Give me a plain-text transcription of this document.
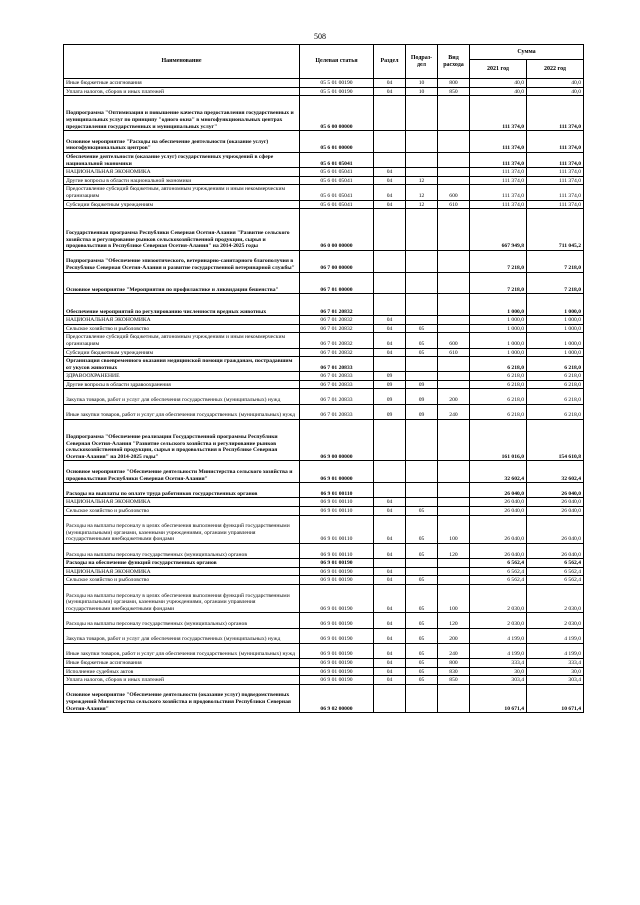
508
Наименование	Целевая статья	Раздел	Подраз-дел	Вид расхода	Сумма	
					2021 год	2022 год
Иные бюджетные ассигнования	05 5 01 00190	04	10	800	40,0	40,0
Уплата налогов, сборов и иных платежей	05 5 01 00190	04	10	850	40,0	40,0
Подпрограмма "Оптимизация и повышение качества предоставления государственных и муниципальных услуг по принципу "одного окна" в многофункциональных центрах предоставления государственных и муниципальных услуг"	05 6 00 00000				111 374,0	111 374,0
Основное мероприятие "Расходы на обеспечение деятельности (оказание услуг) многофункциональных центров"	05 6 01 00000				111 374,0	111 374,0
Обеспечение деятельности (оказание услуг) государственных учреждений в сфере национальной экономики	05 6 01 05041				111 374,0	111 374,0
НАЦИОНАЛЬНАЯ ЭКОНОМИКА	05 6 01 05041	04			111 374,0	111 374,0
Другие вопросы в области национальной экономики	05 6 01 05041	04	12		111 374,0	111 374,0
Предоставление субсидий бюджетным, автономным учреждениям и иным некоммерческим организациям	05 6 01 05041	04	12	600	111 374,0	111 374,0
Субсидии бюджетным учреждениям	05 6 01 05041	04	12	610	111 374,0	111 374,0
Государственная программа Республики Северная Осетия-Алания "Развитие сельского хозяйства и регулирование рынков сельскохозяйственной продукции, сырья и продовольствия в Республике Северная Осетия-Алания" на 2014-2025 годы	06 0 00 00000				667 949,8	711 045,2
Подпрограмма "Обеспечение эпизоотического, ветеринарно-санитарного благополучия в Республике Северная Осетия-Алания и развитие государственной ветеринарной службы"	06 7 00 00000				7 218,0	7 218,0
Основное мероприятие "Мероприятия по профилактике и ликвидации бешенства"	06 7 01 00000				7 218,0	7 218,0
Обеспечение мероприятий по регулированию численности вредных животных	06 7 01 20832				1 000,0	1 000,0
НАЦИОНАЛЬНАЯ ЭКОНОМИКА	06 7 01 20832	04			1 000,0	1 000,0
Сельское хозяйство и рыболовство	06 7 01 20832	04	05		1 000,0	1 000,0
Предоставление субсидий бюджетным, автономным учреждениям и иным некоммерческим организациям	06 7 01 20832	04	05	600	1 000,0	1 000,0
Субсидии бюджетным учреждениям	06 7 01 20832	04	05	610	1 000,0	1 000,0
Организация своевременного оказания медицинской помощи гражданам, пострадавшим от укусов животных	06 7 01 20833				6 218,0	6 218,0
ЗДРАВООХРАНЕНИЕ	06 7 01 20833	09			6 218,0	6 218,0
Другие вопросы в области здравоохранения	06 7 01 20833	09	09		6 218,0	6 218,0
Закупка товаров, работ и услуг для обеспечения государственных (муниципальных) нужд	06 7 01 20833	09	09	200	6 218,0	6 218,0
Иные закупки товаров, работ и услуг для обеспечения государственных (муниципальных) нужд	06 7 01 20833	09	09	240	6 218,0	6 218,0
Подпрограмма "Обеспечение реализации Государственной программы Республики Северная Осетия-Алания "Развитие сельского хозяйства и регулирование рынков сельскохозяйственной продукции, сырья и продовольствия в Республике Северная Осетия-Алания" на 2014-2025 годы"	06 9 00 00000				161 016,0	154 610,8
Основное мероприятие "Обеспечение деятельности Министерства сельского хозяйства и продовольствия Республики Северная Осетия-Алания"	06 9 01 00000				32 602,4	32 602,4
Расходы на выплаты по оплате труда работников государственных органов	06 9 01 00110				26 040,0	26 040,0
НАЦИОНАЛЬНАЯ ЭКОНОМИКА	06 9 01 00110	04			26 040,0	26 040,0
Сельское хозяйство и рыболовство	06 9 01 00110	04	05		26 040,0	26 040,0
Расходы на выплаты персоналу в целях обеспечения выполнения функций государственными (муниципальными) органами, казенными учреждениями, органами управления государственными внебюджетными фондами	06 9 01 00110	04	05	100	26 040,0	26 040,0
Расходы на выплаты персоналу государственных (муниципальных) органов	06 9 01 00110	04	05	120	26 040,0	26 040,0
Расходы на обеспечение функций государственных органов	06 9 01 00190				6 562,4	6 562,4
НАЦИОНАЛЬНАЯ ЭКОНОМИКА	06 9 01 00190	04			6 562,4	6 562,4
Сельское хозяйство и рыболовство	06 9 01 00190	04	05		6 562,4	6 562,4
Расходы на выплаты персоналу в целях обеспечения выполнения функций государственными (муниципальными) органами, казенными учреждениями, органами управления государственными внебюджетными фондами	06 9 01 00190	04	05	100	2 030,0	2 030,0
Расходы на выплаты персоналу государственных (муниципальных) органов	06 9 01 00190	04	05	120	2 030,0	2 030,0
Закупка товаров, работ и услуг для обеспечения государственных (муниципальных) нужд	06 9 01 00190	04	05	200	4 199,0	4 199,0
Иные закупки товаров, работ и услуг для обеспечения государственных (муниципальных) нужд	06 9 01 00190	04	05	240	4 199,0	4 199,0
Иные бюджетные ассигнования	06 9 01 00190	04	05	800	333,4	333,4
Исполнение судебных актов	06 9 01 00190	04	05	830	30,0	30,0
Уплата налогов, сборов и иных платежей	06 9 01 00190	04	05	850	303,4	303,4
Основное мероприятие "Обеспечение деятельности (оказание услуг) подведомственных учреждений Министерства сельского хозяйства и продовольствия Республики Северная Осетия-Алания"	06 9 02 00000				10 671,4	10 671,4
